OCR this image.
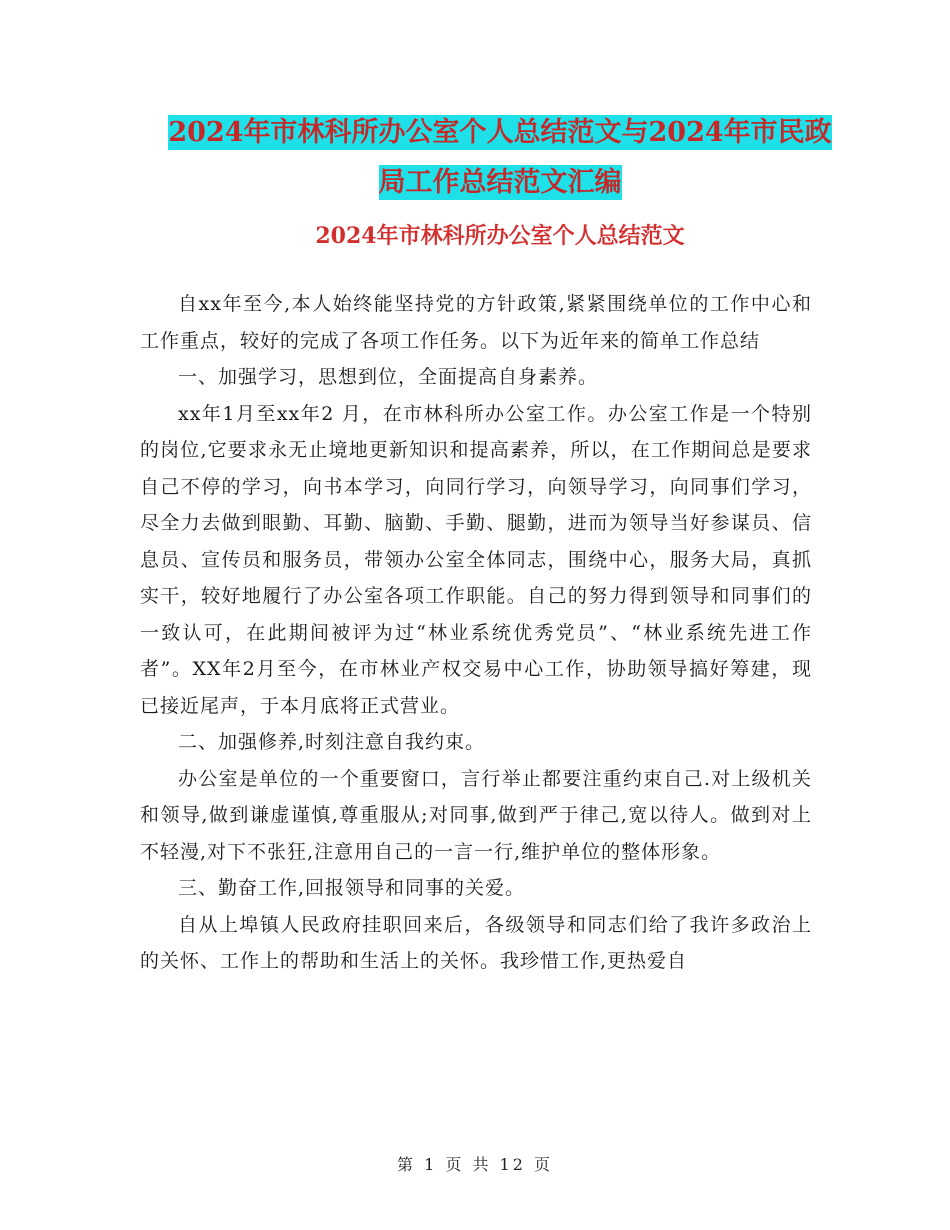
2024年市林科所办公室个人总结范文与2024年市民政
局工作总结范文汇编
2024年市林科所办公室个人总结范文

自xx年至今,本人始终能坚持党的方针政策,紧紧围绕单位的工作中心和工作重点，较好的完成了各项工作任务。以下为近年来的简单工作总结

一、加强学习，思想到位，全面提高自身素养。

xx年1月至xx年2 月，在市林科所办公室工作。办公室工作是一个特别的岗位,它要求永无止境地更新知识和提高素养，所以，在工作期间总是要求自己不停的学习，向书本学习，向同行学习，向领导学习，向同事们学习，尽全力去做到眼勤、耳勤、脑勤、手勤、腿勤，进而为领导当好参谋员、信息员、宣传员和服务员，带领办公室全体同志，围绕中心，服务大局，真抓实干，较好地履行了办公室各项工作职能。自己的努力得到领导和同事们的一致认可，在此期间被评为过“林业系统优秀党员”、“林业系统先进工作者”。XX年2月至今，在市林业产权交易中心工作，协助领导搞好筹建，现已接近尾声，于本月底将正式营业。

二、加强修养,时刻注意自我约束。

办公室是单位的一个重要窗口，言行举止都要注重约束自己.对上级机关和领导,做到谦虚谨慎,尊重服从;对同事,做到严于律己,宽以待人。做到对上不轻漫,对下不张狂,注意用自己的一言一行,维护单位的整体形象。

三、勤奋工作,回报领导和同事的关爱。

自从上埠镇人民政府挂职回来后，各级领导和同志们给了我许多政治上的关怀、工作上的帮助和生活上的关怀。我珍惜工作,更热爱自

第 1 页 共 12 页
